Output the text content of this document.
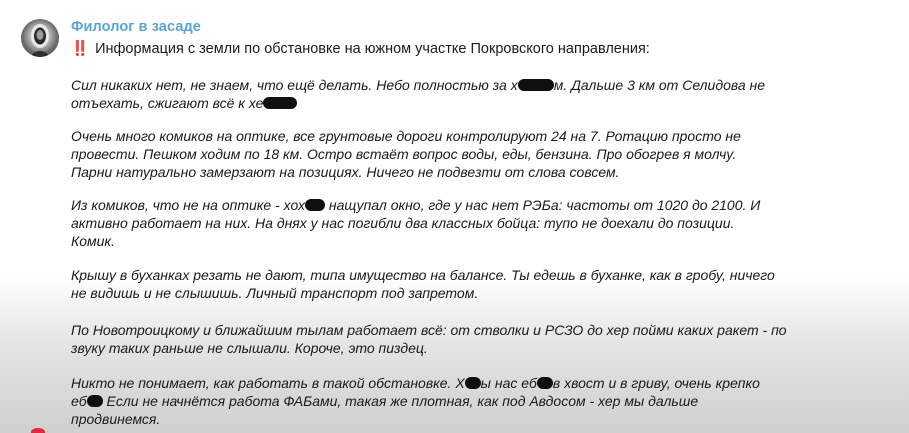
Филолог в засаде
‼️ Информация с земли по обстановке на южном участке Покровского направления:
Сил никаких нет, не знаем, что ещё делать. Небо полностью за х	м. Дальше 3 км от Селидова не
отъехать, сжигают всё к хе
Очень много комиков на оптике, все грунтовые дороги контролируют 24 на 7. Ротацию просто не
провести. Пешком ходим по 18 км. Остро встаёт вопрос воды, еды, бензина. Про обогрев я молчу.
Парни натурально замерзают на позициях. Ничего не подвезти от слова совсем.
Из комиков, что не на оптике - хох нащупал окно, где у нас нет РЭБа: частоты от 1020 до 2100. И
активно работает на них. На днях у нас погибли два классных бойца: тупо не доехали до позиции.
Комик.
Крышу в буханках резать не дают, типа имущество на балансе. Ты едешь в буханке, как в гробу, ничего
не видишь и не слышишь. Личный транспорт под запретом.
По Новотроицкому и ближайшим тылам работает всё: от стволки и РСЗО до хер пойми каких ракет - по
звуку таких раньше не слышали. Короче, это пиздец.
Никто не понимает, как работать в такой обстановке. Х ы нас еб в хвост и в гриву, очень крепко
еб Если не начнётся работа ФАБами, такая же плотная, как под Авдосом - хер мы дальше
продвинемся.
